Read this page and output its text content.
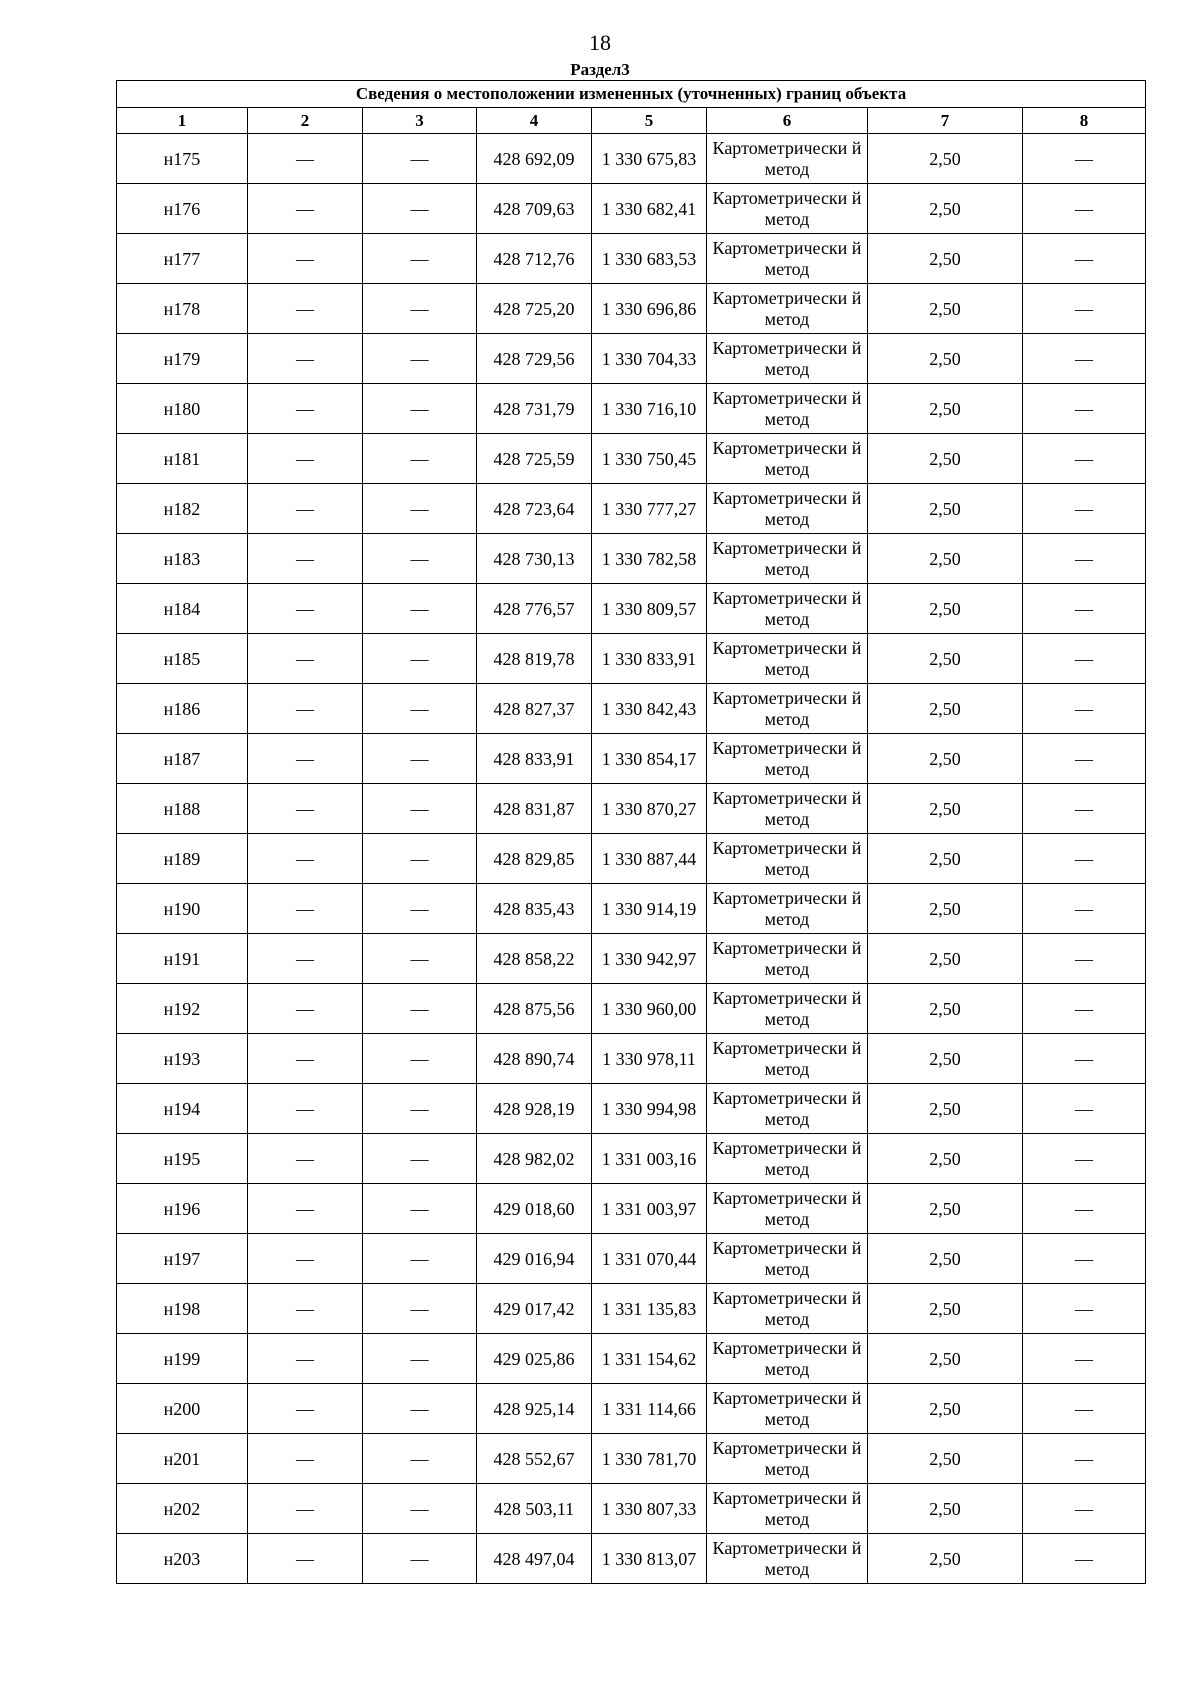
18
Раздел3
Сведения о местоположении измененных (уточненных) границ объекта							
1	2	3	4	5	6	7	8
н175	—	—	428 692,09	1 330 675,83	Картометрически й метод	2,50	—
н176	—	—	428 709,63	1 330 682,41	Картометрически й метод	2,50	—
н177	—	—	428 712,76	1 330 683,53	Картометрически й метод	2,50	—
н178	—	—	428 725,20	1 330 696,86	Картометрически й метод	2,50	—
н179	—	—	428 729,56	1 330 704,33	Картометрически й метод	2,50	—
н180	—	—	428 731,79	1 330 716,10	Картометрически й метод	2,50	—
н181	—	—	428 725,59	1 330 750,45	Картометрически й метод	2,50	—
н182	—	—	428 723,64	1 330 777,27	Картометрически й метод	2,50	—
н183	—	—	428 730,13	1 330 782,58	Картометрически й метод	2,50	—
н184	—	—	428 776,57	1 330 809,57	Картометрически й метод	2,50	—
н185	—	—	428 819,78	1 330 833,91	Картометрически й метод	2,50	—
н186	—	—	428 827,37	1 330 842,43	Картометрически й метод	2,50	—
н187	—	—	428 833,91	1 330 854,17	Картометрически й метод	2,50	—
н188	—	—	428 831,87	1 330 870,27	Картометрически й метод	2,50	—
н189	—	—	428 829,85	1 330 887,44	Картометрически й метод	2,50	—
н190	—	—	428 835,43	1 330 914,19	Картометрически й метод	2,50	—
н191	—	—	428 858,22	1 330 942,97	Картометрически й метод	2,50	—
н192	—	—	428 875,56	1 330 960,00	Картометрически й метод	2,50	—
н193	—	—	428 890,74	1 330 978,11	Картометрически й метод	2,50	—
н194	—	—	428 928,19	1 330 994,98	Картометрически й метод	2,50	—
н195	—	—	428 982,02	1 331 003,16	Картометрически й метод	2,50	—
н196	—	—	429 018,60	1 331 003,97	Картометрически й метод	2,50	—
н197	—	—	429 016,94	1 331 070,44	Картометрически й метод	2,50	—
н198	—	—	429 017,42	1 331 135,83	Картометрически й метод	2,50	—
н199	—	—	429 025,86	1 331 154,62	Картометрически й метод	2,50	—
н200	—	—	428 925,14	1 331 114,66	Картометрически й метод	2,50	—
н201	—	—	428 552,67	1 330 781,70	Картометрически й метод	2,50	—
н202	—	—	428 503,11	1 330 807,33	Картометрически й метод	2,50	—
н203	—	—	428 497,04	1 330 813,07	Картометрически й метод	2,50	—
